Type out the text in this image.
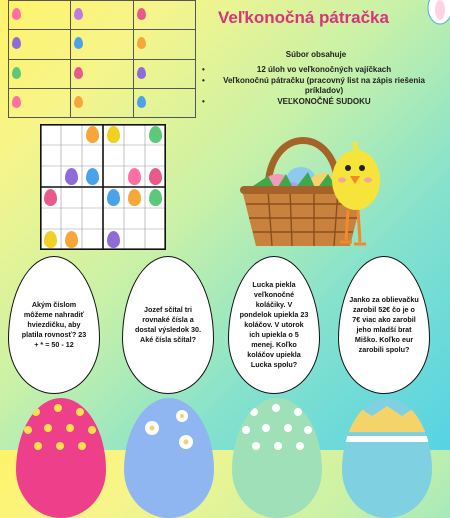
Veľkonočná pátračka
Súbor obsahuje
• 12 úloh vo veľkonočných vajíčkach
• Veľkonočnú pátračku (pracovný list na zápis riešenia príkladov)
• VEĽKONOČNÉ SUDOKU
Akým číslom môžeme nahradiť hviezdičku, aby platila rovnosť? 23 + * = 50 - 12
Jozef sčítal tri rovnaké čísla a dostal výsledok 30. Aké čísla sčítal?
Lucka piekla veľkonočné koláčiky. V pondelok upiekla 23 koláčov. V utorok ich upiekla o 5 menej. Koľko koláčov upiekla Lucka spolu?
Janko za oblievačku zarobil 52€ čo je o 7€ viac ako zarobil jeho mladší brat Miško. Koľko eur zarobili spolu?
